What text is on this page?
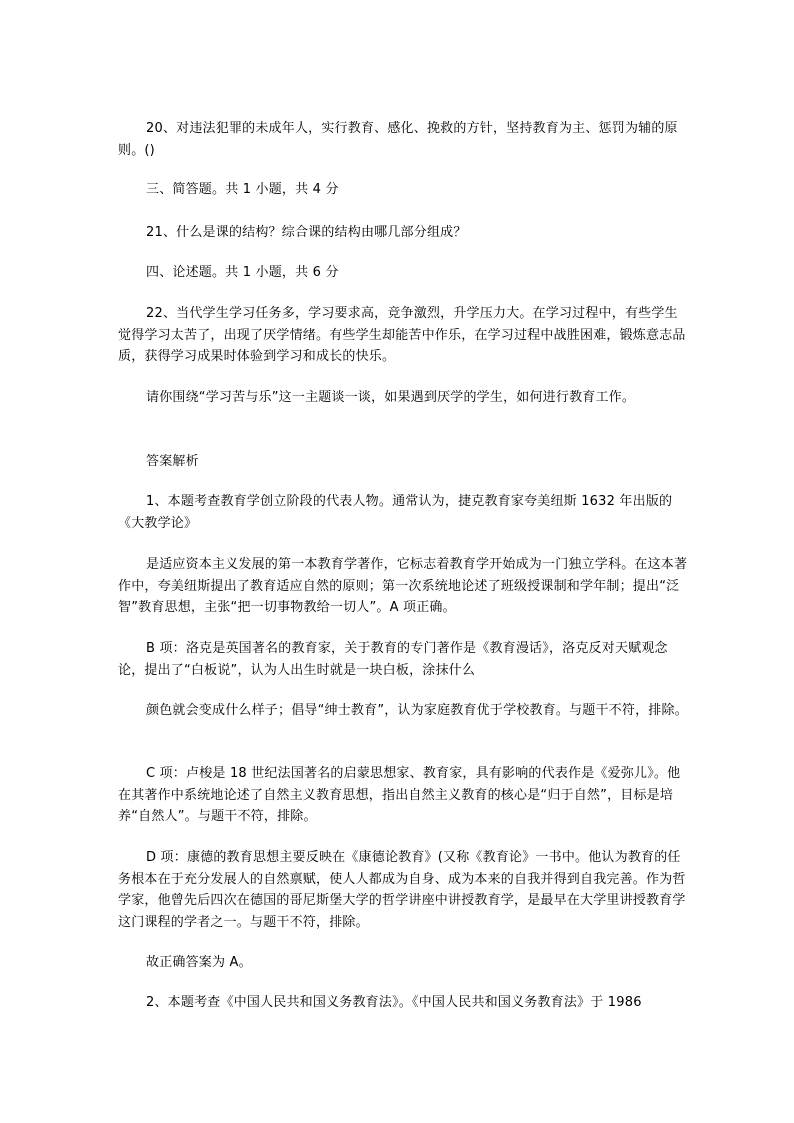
20、对违法犯罪的未成年人，实行教育、感化、挽救的方针，坚持教育为主、惩罚为辅的原则。()
三、简答题。共 1 小题，共 4 分
21、什么是课的结构？综合课的结构由哪几部分组成？
四、论述题。共 1 小题，共 6 分
22、当代学生学习任务多，学习要求高，竞争激烈，升学压力大。在学习过程中，有些学生觉得学习太苦了，出现了厌学情绪。有些学生却能苦中作乐，在学习过程中战胜困难，锻炼意志品质，获得学习成果时体验到学习和成长的快乐。
请你围绕“学习苦与乐”这一主题谈一谈，如果遇到厌学的学生，如何进行教育工作。
答案解析
1、本题考查教育学创立阶段的代表人物。通常认为，捷克教育家夸美纽斯 1632 年出版的《大教学论》
是适应资本主义发展的第一本教育学著作，它标志着教育学开始成为一门独立学科。在这本著作中，夸美纽斯提出了教育适应自然的原则；第一次系统地论述了班级授课制和学年制；提出“泛智”教育思想，主张“把一切事物教给一切人”。A 项正确。
B 项：洛克是英国著名的教育家，关于教育的专门著作是《教育漫话》，洛克反对天赋观念论，提出了“白板说”，认为人出生时就是一块白板，涂抹什么
颜色就会变成什么样子；倡导“绅士教育”，认为家庭教育优于学校教育。与题干不符，排除。
C 项：卢梭是 18 世纪法国著名的启蒙思想家、教育家，具有影响的代表作是《爱弥儿》。他在其著作中系统地论述了自然主义教育思想，指出自然主义教育的核心是“归于自然”，目标是培养“自然人”。与题干不符，排除。
D 项：康德的教育思想主要反映在《康德论教育》(又称《教育论》一书中。他认为教育的任务根本在于充分发展人的自然禀赋，使人人都成为自身、成为本来的自我并得到自我完善。作为哲学家，他曾先后四次在德国的哥尼斯堡大学的哲学讲座中讲授教育学，是最早在大学里讲授教育学这门课程的学者之一。与题干不符，排除。
故正确答案为 A。
2、本题考查《中国人民共和国义务教育法》。《中国人民共和国义务教育法》于 1986
